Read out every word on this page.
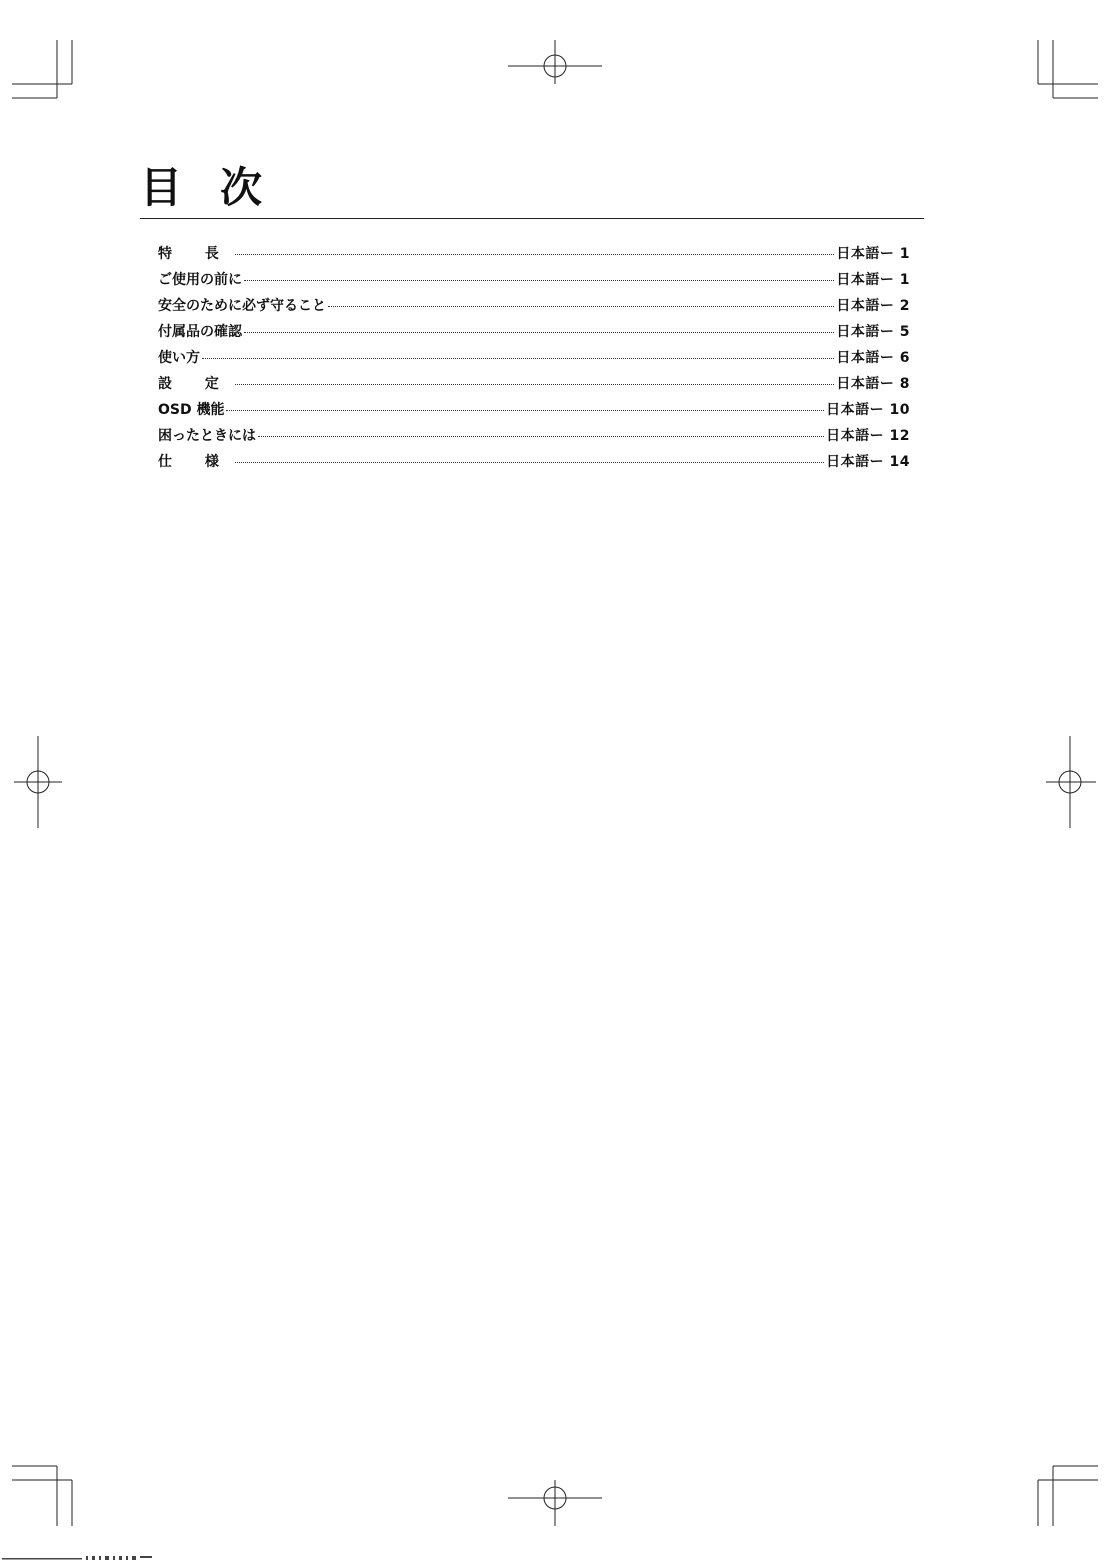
目次
特 長	日本語ー 1
ご使用の前に	日本語ー 1
安全のために必ず守ること	日本語ー 2
付属品の確認	日本語ー 5
使い方	日本語ー 6
設 定	日本語ー 8
OSD 機能	日本語ー 10
困ったときには	日本語ー 12
仕 様	日本語ー 14
